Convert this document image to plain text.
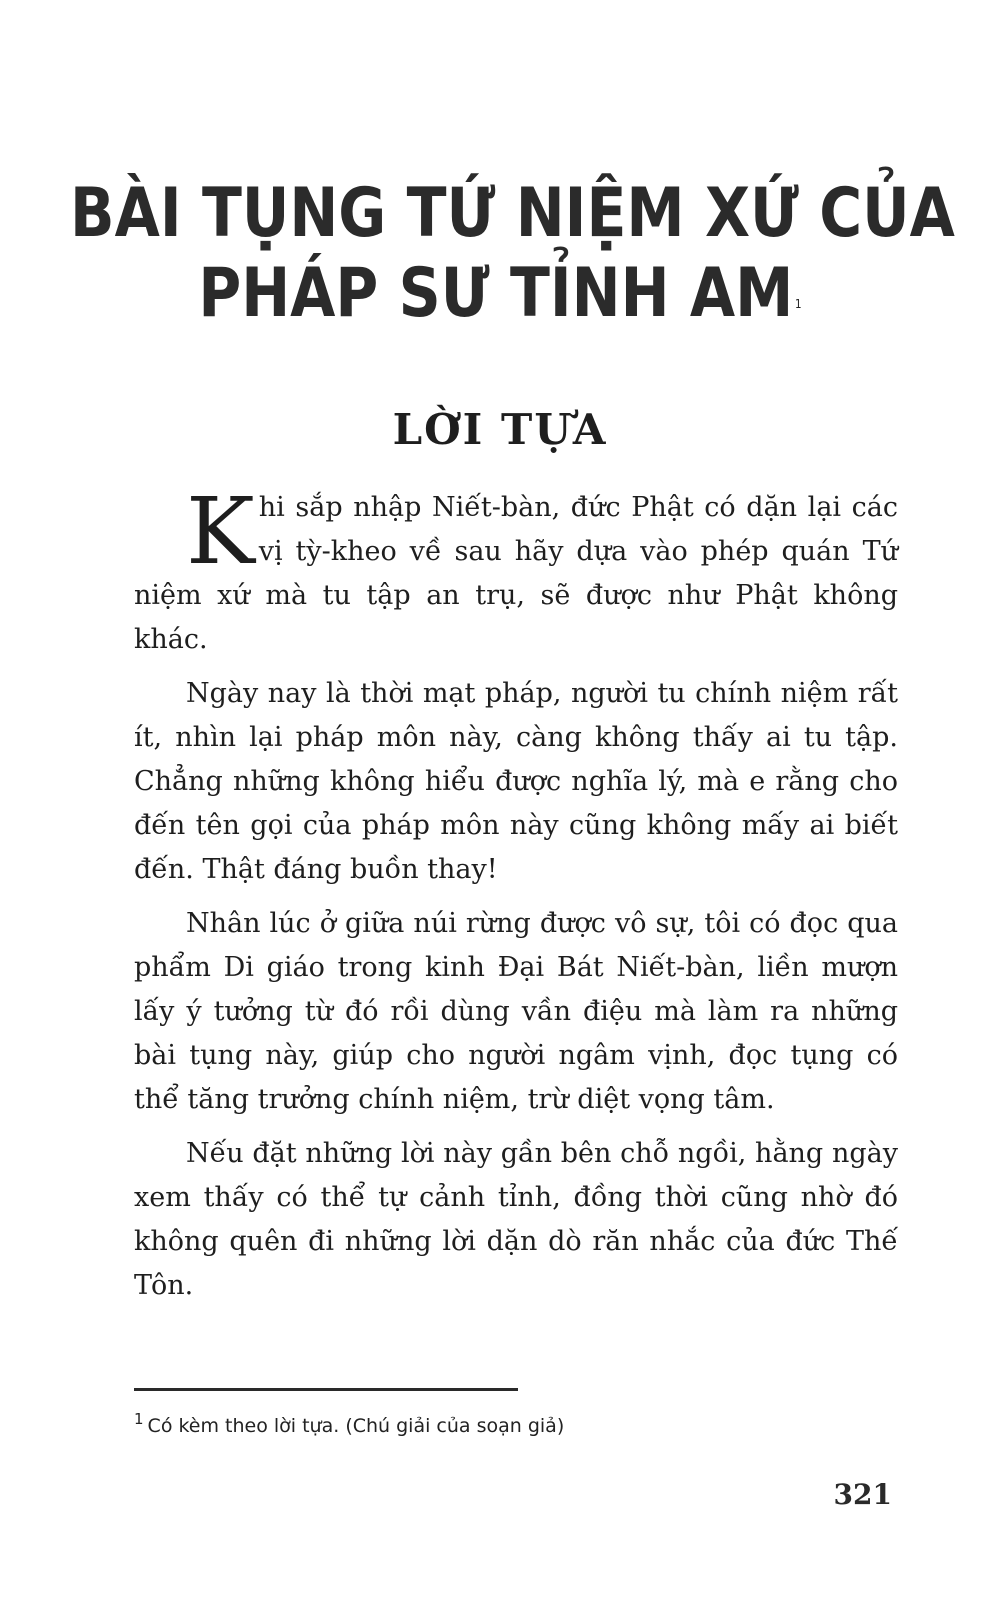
BÀI TỤNG TỨ NIỆM XỨ CỦA
PHÁP SƯ TỈNH AM $^1$
LỜI TỰA

Khi sắp nhập Niết-bàn, đức Phật có dặn lại các vị tỳ-kheo về sau hãy dựa vào phép quán Tứ niệm xứ mà tu tập an trụ, sẽ được như Phật không khác.

Ngày nay là thời mạt pháp, người tu chính niệm rất ít, nhìn lại pháp môn này, càng không thấy ai tu tập. Chẳng những không hiểu được nghĩa lý, mà e rằng cho đến tên gọi của pháp môn này cũng không mấy ai biết đến. Thật đáng buồn thay!

Nhân lúc ở giữa núi rừng được vô sự, tôi có đọc qua phẩm Di giáo trong kinh Đại Bát Niết-bàn, liền mượn lấy ý tưởng từ đó rồi dùng vần điệu mà làm ra những bài tụng này, giúp cho người ngâm vịnh, đọc tụng có thể tăng trưởng chính niệm, trừ diệt vọng tâm.

Nếu đặt những lời này gần bên chỗ ngồi, hằng ngày xem thấy có thể tự cảnh tỉnh, đồng thời cũng nhờ đó không quên đi những lời dặn dò răn nhắc của đức Thế Tôn.

$^1$ Có kèm theo lời tựa. (Chú giải của soạn giả)
321
